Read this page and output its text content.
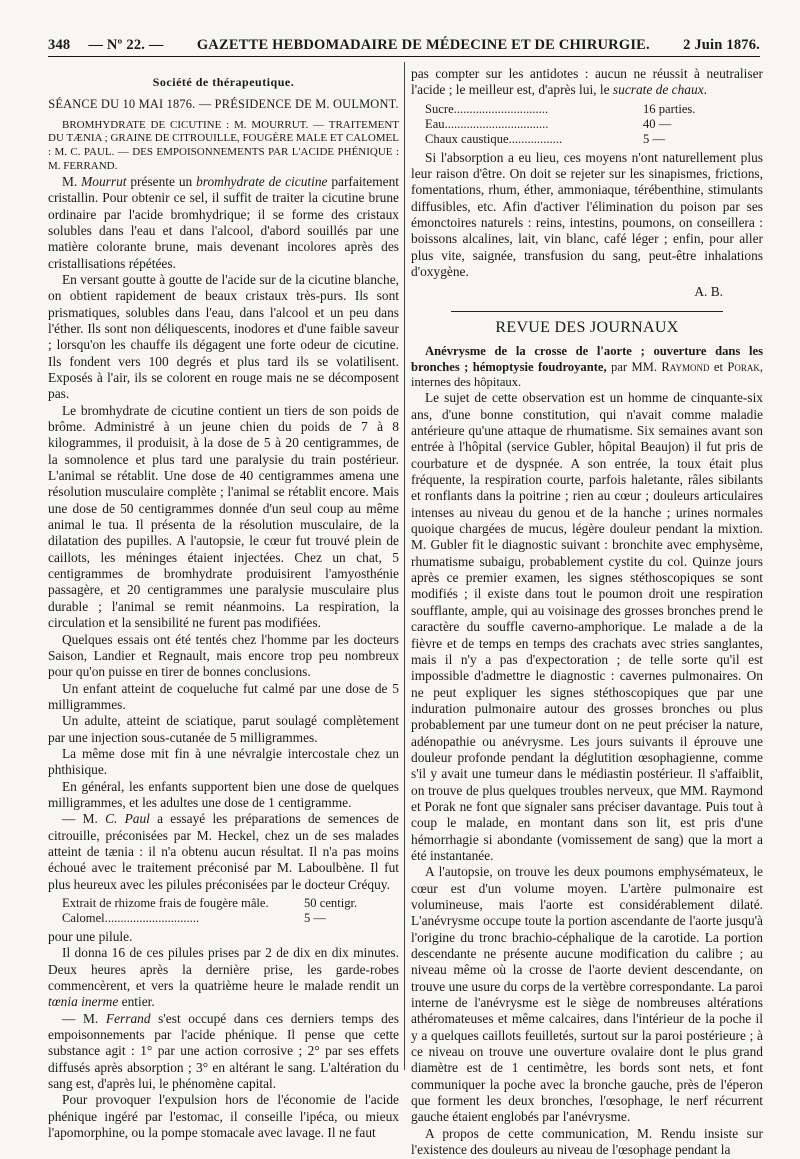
348 — Nº 22. —	GAZETTE HEBDOMADAIRE DE MÉDECINE ET DE CHIRURGIE.	2 Juin 1876.
Société de thérapeutique.
SÉANCE DU 10 MAI 1876. — PRÉSIDENCE DE M. OULMONT.

BROMHYDRATE DE CICUTINE : M. MOURRUT. — TRAITEMENT DU TÆNIA ; GRAINE DE CITROUILLE, FOUGÈRE MALE ET CALOMEL : M. C. PAUL. — DES EMPOISONNEMENTS PAR L'ACIDE PHÉNIQUE : M. FERRAND.

M. Mourrut présente un bromhydrate de cicutine parfaitement cristallin. Pour obtenir ce sel, il suffit de traiter la cicutine brune ordinaire par l'acide bromhydrique; il se forme des cristaux solubles dans l'eau et dans l'alcool, d'abord souillés par une matière colorante brune, mais devenant incolores après des cristallisations répétées.

En versant goutte à goutte de l'acide sur de la cicutine blanche, on obtient rapidement de beaux cristaux très-purs. Ils sont prismatiques, solubles dans l'eau, dans l'alcool et un peu dans l'éther. Ils sont non déliquescents, inodores et d'une faible saveur ; lorsqu'on les chauffe ils dégagent une forte odeur de cicutine. Ils fondent vers 100 degrés et plus tard ils se volatilisent. Exposés à l'air, ils se colorent en rouge mais ne se décomposent pas.

Le bromhydrate de cicutine contient un tiers de son poids de brôme. Administré à un jeune chien du poids de 7 à 8 kilogrammes, il produisit, à la dose de 5 à 20 centigrammes, de la somnolence et plus tard une paralysie du train postérieur. L'animal se rétablit. Une dose de 40 centigrammes amena une résolution musculaire complète ; l'animal se rétablit encore. Mais une dose de 50 centigrammes donnée d'un seul coup au même animal le tua. Il présenta de la résolution musculaire, de la dilatation des pupilles. A l'autopsie, le cœur fut trouvé plein de caillots, les méninges étaient injectées. Chez un chat, 5 centigrammes de bromhydrate produisirent l'amyosthénie passagère, et 20 centigrammes une paralysie musculaire plus durable ; l'animal se remit néanmoins. La respiration, la circulation et la sensibilité ne furent pas modifiées.

Quelques essais ont été tentés chez l'homme par les docteurs Saison, Landier et Regnault, mais encore trop peu nombreux pour qu'on puisse en tirer de bonnes conclusions.

Un enfant atteint de coqueluche fut calmé par une dose de 5 milligrammes.

Un adulte, atteint de sciatique, parut soulagé complètement par une injection sous-cutanée de 5 milligrammes.

La même dose mit fin à une névralgie intercostale chez un phthisique.

En général, les enfants supportent bien une dose de quelques milligrammes, et les adultes une dose de 1 centigramme.

— M. C. Paul a essayé les préparations de semences de citrouille, préconisées par M. Heckel, chez un de ses malades atteint de tænia : il n'a obtenu aucun résultat. Il n'a pas moins échoué avec le traitement préconisé par M. Laboulbène. Il fut plus heureux avec les pilules préconisées par le docteur Créquy.

Extrait de rhizome frais de fougère mâle.	50 centigr.
Calomel..............................	5 —

pour une pilule.

Il donna 16 de ces pilules prises par 2 de dix en dix minutes. Deux heures après la dernière prise, les garde-robes commencèrent, et vers la quatrième heure le malade rendit un tœnia inerme entier.

— M. Ferrand s'est occupé dans ces derniers temps des empoisonnements par l'acide phénique. Il pense que cette substance agit : 1° par une action corrosive ; 2° par ses effets diffusés après absorption ; 3° en altérant le sang. L'altération du sang est, d'après lui, le phénomène capital.

Pour provoquer l'expulsion hors de l'économie de l'acide phénique ingéré par l'estomac, il conseille l'ipéca, ou mieux l'apomorphine, ou la pompe stomacale avec lavage. Il ne faut

pas compter sur les antidotes : aucun ne réussit à neutraliser l'acide ; le meilleur est, d'après lui, le sucrate de chaux.

Sucre..............................	16 parties.
Eau.................................	40 —
Chaux caustique.................	5 —

Si l'absorption a eu lieu, ces moyens n'ont naturellement plus leur raison d'être. On doit se rejeter sur les sinapismes, frictions, fomentations, rhum, éther, ammoniaque, térébenthine, stimulants diffusibles, etc. Afin d'activer l'élimination du poison par ses émonctoires naturels : reins, intestins, poumons, on conseillera : boissons alcalines, lait, vin blanc, café léger ; enfin, pour aller plus vite, saignée, transfusion du sang, peut-être inhalations d'oxygène.

A. B.
REVUE DES JOURNAUX

Anévrysme de la crosse de l'aorte ; ouverture dans les bronches ; hémoptysie foudroyante, par MM. Raymond et Porak, internes des hôpitaux.

Le sujet de cette observation est un homme de cinquante-six ans, d'une bonne constitution, qui n'avait comme maladie antérieure qu'une attaque de rhumatisme. Six semaines avant son entrée à l'hôpital (service Gubler, hôpital Beaujon) il fut pris de courbature et de dyspnée. A son entrée, la toux était plus fréquente, la respiration courte, parfois haletante, râles sibilants et ronflants dans la poitrine ; rien au cœur ; douleurs articulaires intenses au niveau du genou et de la hanche ; urines normales quoique chargées de mucus, légère douleur pendant la mixtion. M. Gubler fit le diagnostic suivant : bronchite avec emphysème, rhumatisme subaigu, probablement cystite du col. Quinze jours après ce premier examen, les signes stéthoscopiques se sont modifiés ; il existe dans tout le poumon droit une respiration soufflante, ample, qui au voisinage des grosses bronches prend le caractère du souffle caverno-amphorique. Le malade a de la fièvre et de temps en temps des crachats avec stries sanglantes, mais il n'y a pas d'expectoration ; de telle sorte qu'il est impossible d'admettre le diagnostic : cavernes pulmonaires. On ne peut expliquer les signes stéthoscopiques que par une induration pulmonaire autour des grosses bronches ou plus probablement par une tumeur dont on ne peut préciser la nature, adénopathie ou anévrysme. Les jours suivants il éprouve une douleur profonde pendant la déglutition œsophagienne, comme s'il y avait une tumeur dans le médiastin postérieur. Il s'affaiblit, on trouve de plus quelques troubles nerveux, que MM. Raymond et Porak ne font que signaler sans préciser davantage. Puis tout à coup le malade, en montant dans son lit, est pris d'une hémorrhagie si abondante (vomissement de sang) que la mort a été instantanée.

A l'autopsie, on trouve les deux poumons emphysémateux, le cœur est d'un volume moyen. L'artère pulmonaire est volumineuse, mais l'aorte est considérablement dilaté. L'anévrysme occupe toute la portion ascendante de l'aorte jusqu'à l'origine du tronc brachio-céphalique de la carotide. La portion descendante ne présente aucune modification du calibre ; au niveau même où la crosse de l'aorte devient descendante, on trouve une usure du corps de la vertèbre correspondante. La paroi interne de l'anévrysme est le siège de nombreuses altérations athéromateuses et même calcaires, dans l'intérieur de la poche il y a quelques caillots feuilletés, surtout sur la paroi postérieure ; à ce niveau on trouve une ouverture ovalaire dont le plus grand diamètre est de 1 centimètre, les bords sont nets, et font communiquer la poche avec la bronche gauche, près de l'éperon que forment les deux bronches, l'œsophage, le nerf récurrent gauche étaient englobés par l'anévrysme.

A propos de cette communication, M. Rendu insiste sur l'existence des douleurs au niveau de l'œsophage pendant la
